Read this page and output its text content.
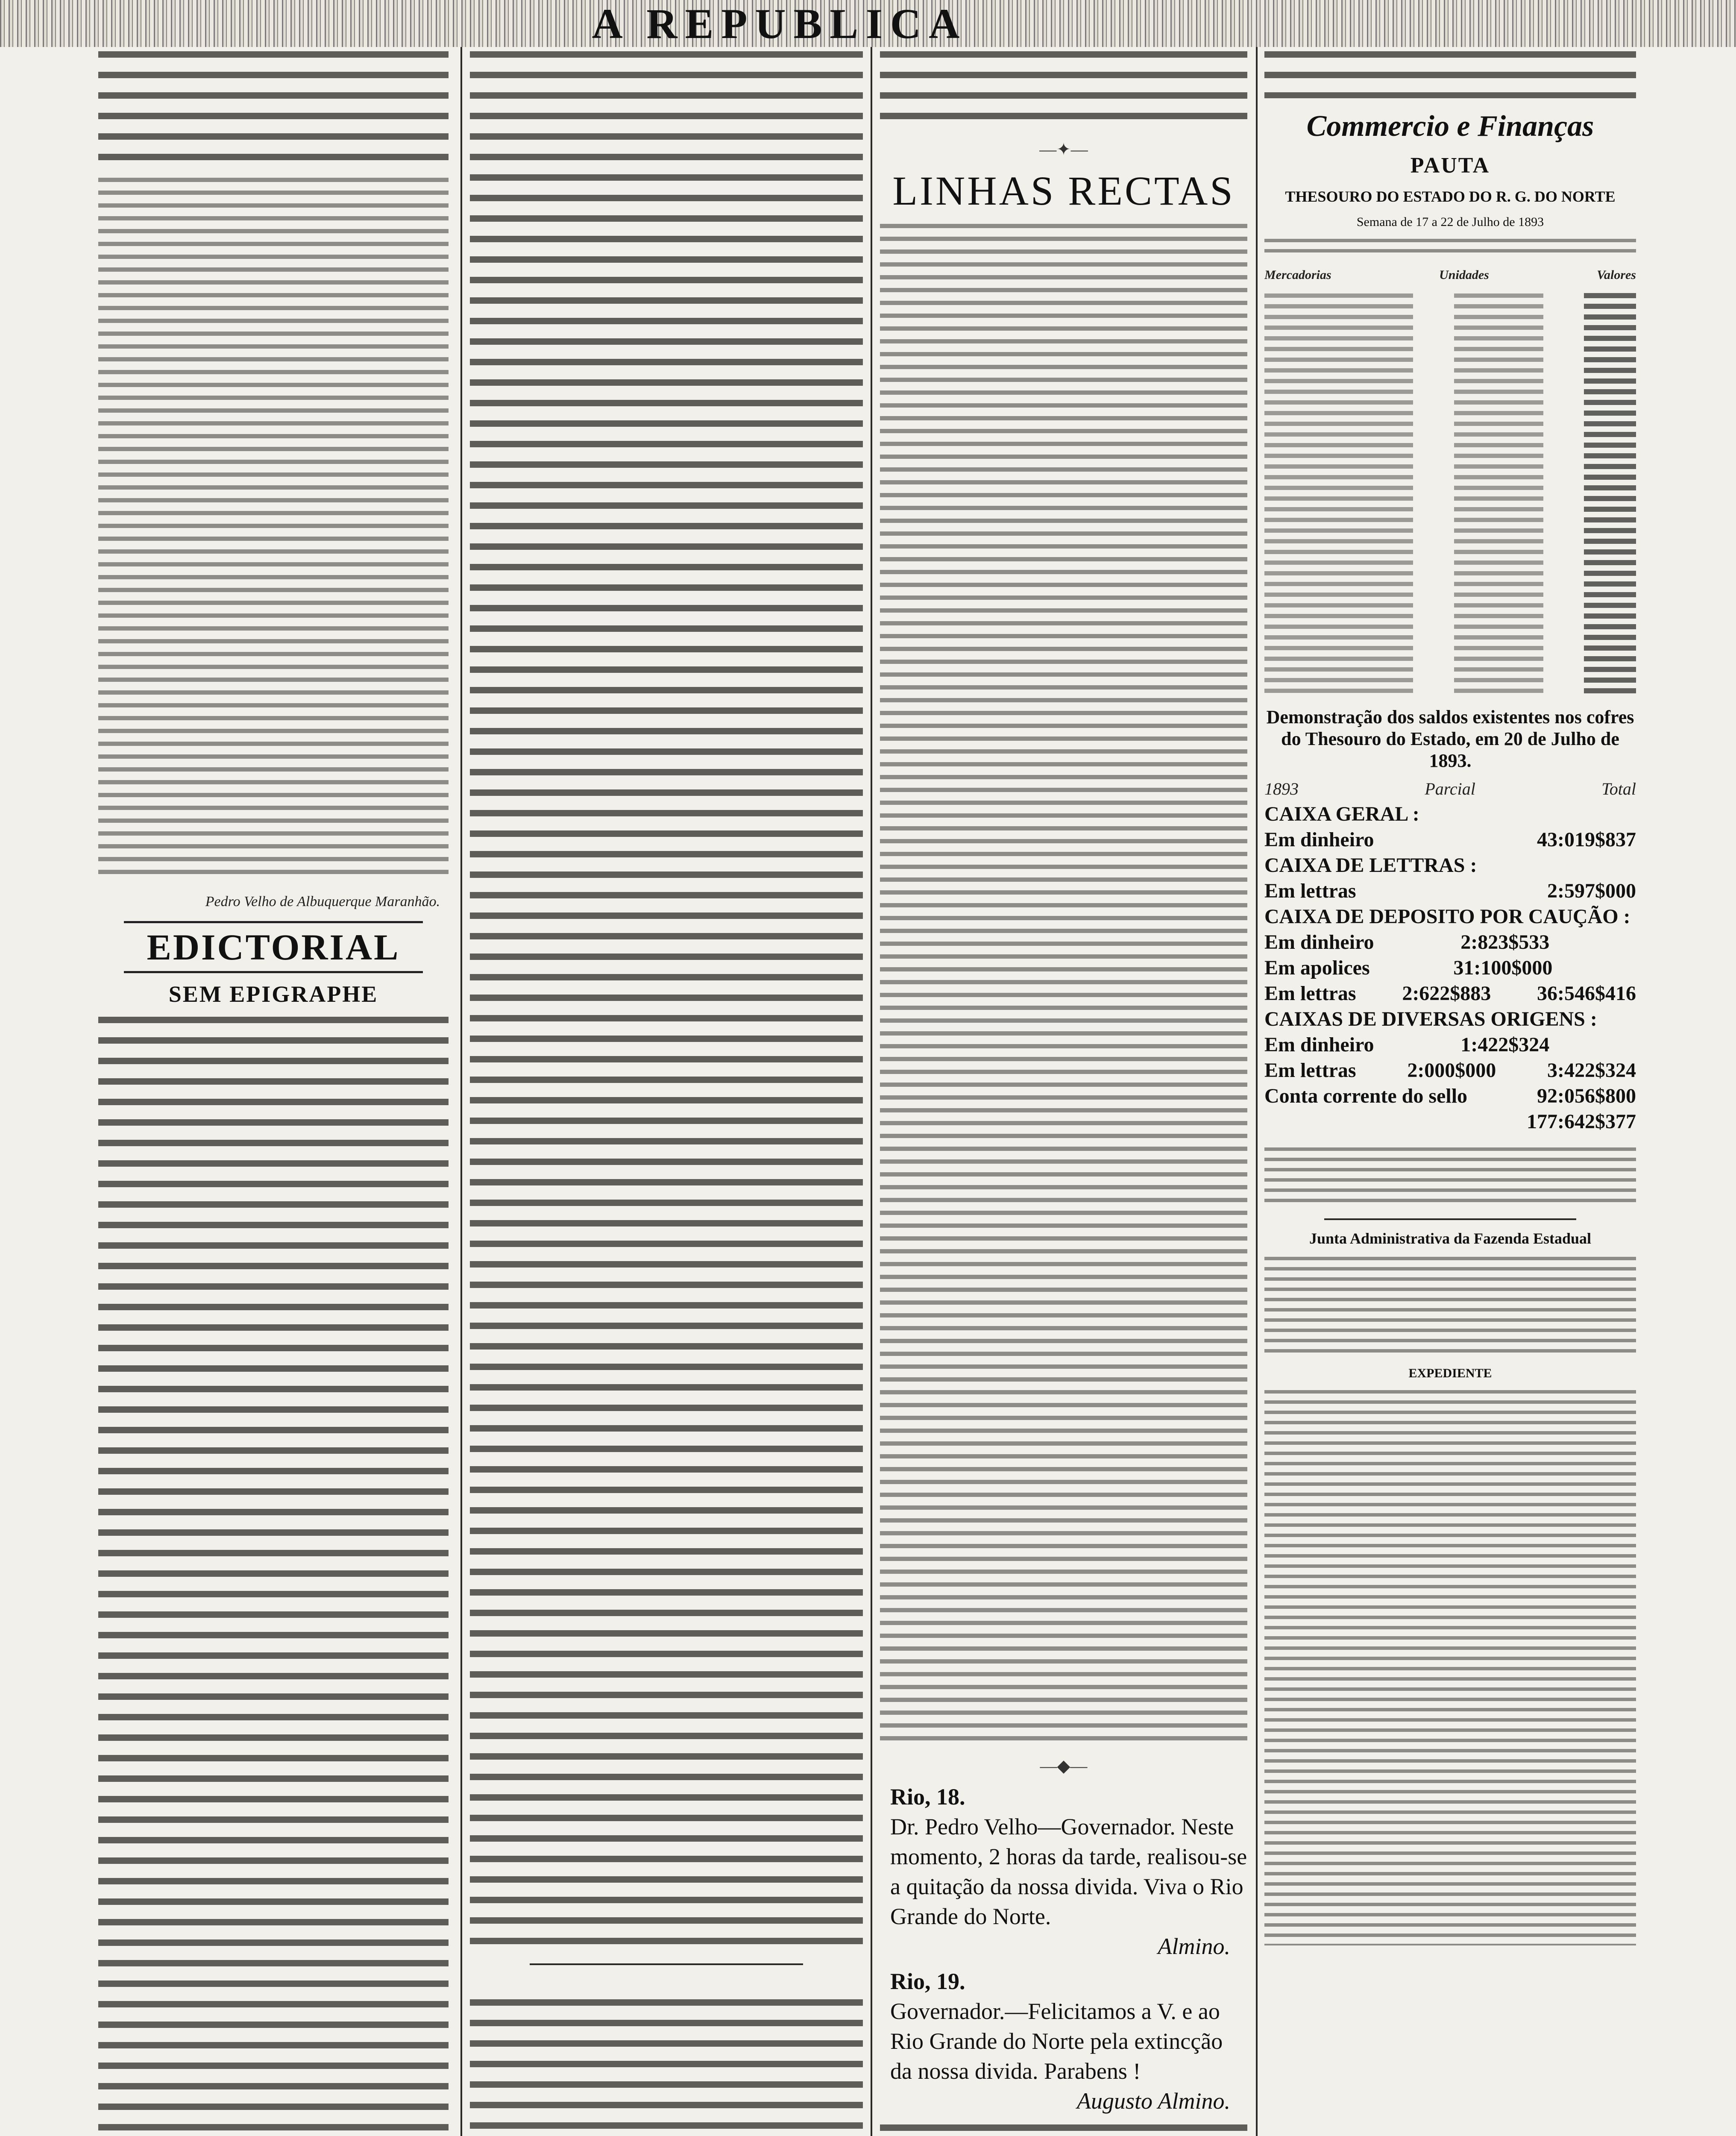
A REPUBLICA
Pedro Velho de Albuquerque Maranhão.
EDICTORIAL
SEM EPIGRAPHE
—✦—
LINHAS RECTAS
—◆—
Rio, 18.
Dr. Pedro Velho—Governador. Neste momento, 2 horas da tarde, realisou-se a quitação da nossa divida. Viva o Rio Grande do Norte.
Almino.
Rio, 19.
Governador.—Felicitamos a V. e ao Rio Grande do Norte pela extincção da nossa divida. Parabens !
Augusto Almino.
Commercio e Finanças
PAUTA
THESOURO DO ESTADO DO R. G. DO NORTE
Semana de 17 a 22 de Julho de 1893
Mercadorias	Unidades	Valores
Demonstração dos saldos existentes nos cofres do Thesouro do Estado, em 20 de Julho de 1893.
1893	Parcial	Total
CAIXA GERAL :
Em dinheiro	43:019$837
CAIXA DE LETTRAS :
Em lettras	2:597$000
CAIXA DE DEPOSITO POR CAUÇÃO :
Em dinheiro	2:823$533
Em apolices	31:100$000
Em lettras 2:622$883 36:546$416
CAIXAS DE DIVERSAS ORIGENS :
Em dinheiro	1:422$324
Em lettras 2:000$000 3:422$324
Conta corrente do sello	92:056$800
177:642$377
Junta Administrativa da Fazenda Estadual
EXPEDIENTE
